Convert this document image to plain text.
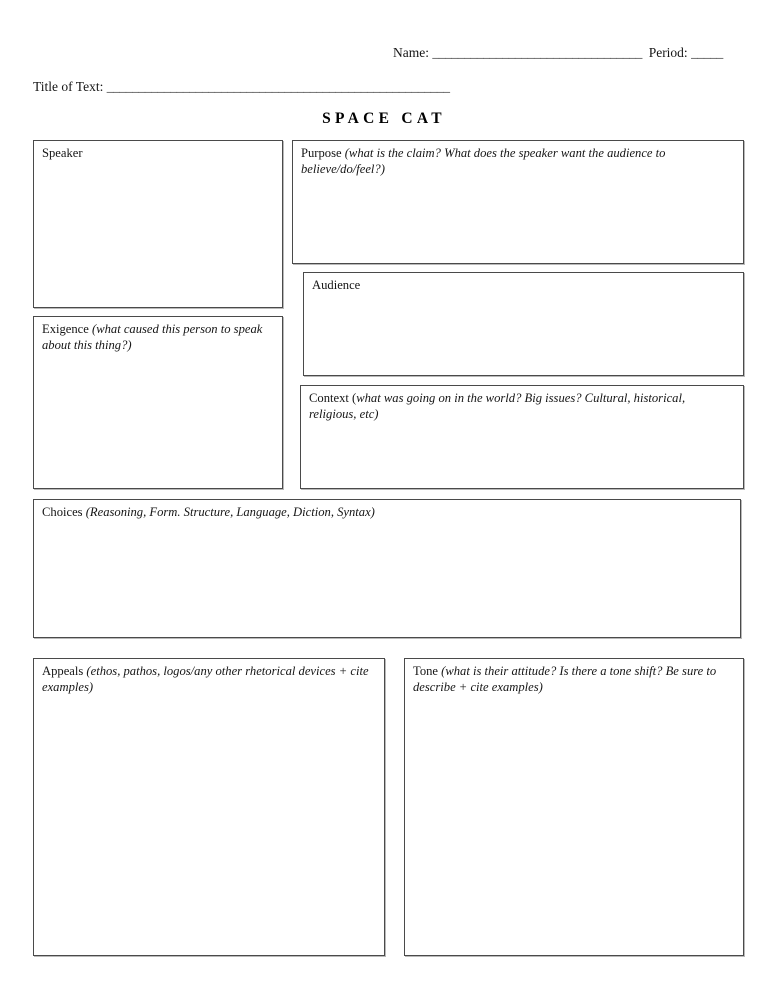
Name: _________________________________ Period: _____
Title of Text: ______________________________________________________
SPACE CAT
Speaker	Purpose (what is the claim? What does the speaker want the audience to believe/do/feel?)
Exigence (what caused this person to speak about this thing?)
Audience
Context (what was going on in the world? Big issues? Cultural, historical, religious, etc)
Choices (Reasoning, Form. Structure, Language, Diction, Syntax)
Appeals (ethos, pathos, logos/any other rhetorical devices + cite examples)
Tone (what is their attitude? Is there a tone shift? Be sure to describe + cite examples)
